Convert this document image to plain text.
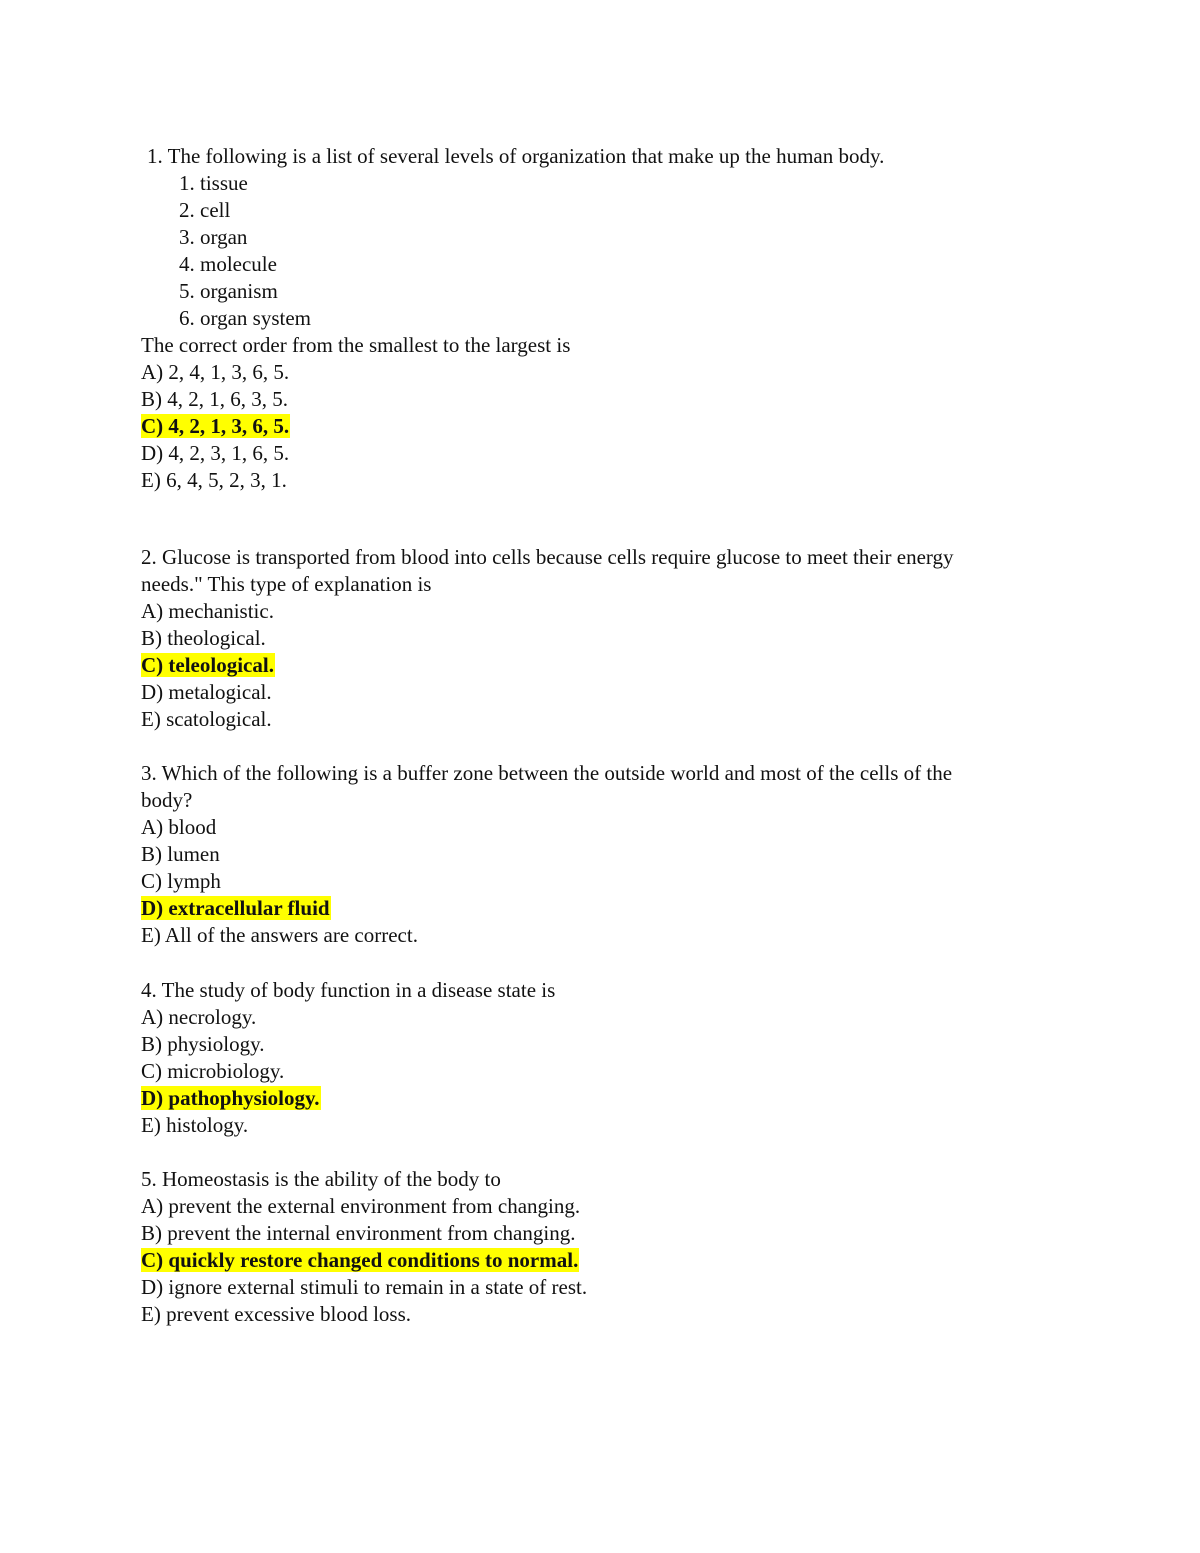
1. The following is a list of several levels of organization that make up the human body.
1. tissue
2. cell
3. organ
4. molecule
5. organism
6. organ system
The correct order from the smallest to the largest is
A) 2, 4, 1, 3, 6, 5.
B) 4, 2, 1, 6, 3, 5.
C) 4, 2, 1, 3, 6, 5.
D) 4, 2, 3, 1, 6, 5.
E) 6, 4, 5, 2, 3, 1.
2. Glucose is transported from blood into cells because cells require glucose to meet their energy
needs." This type of explanation is
A) mechanistic.
B) theological.
C) teleological.
D) metalogical.
E) scatological.
3. Which of the following is a buffer zone between the outside world and most of the cells of the
body?
A) blood
B) lumen
C) lymph
D) extracellular fluid
E) All of the answers are correct.
4. The study of body function in a disease state is
A) necrology.
B) physiology.
C) microbiology.
D) pathophysiology.
E) histology.
5. Homeostasis is the ability of the body to
A) prevent the external environment from changing.
B) prevent the internal environment from changing.
C) quickly restore changed conditions to normal.
D) ignore external stimuli to remain in a state of rest.
E) prevent excessive blood loss.
